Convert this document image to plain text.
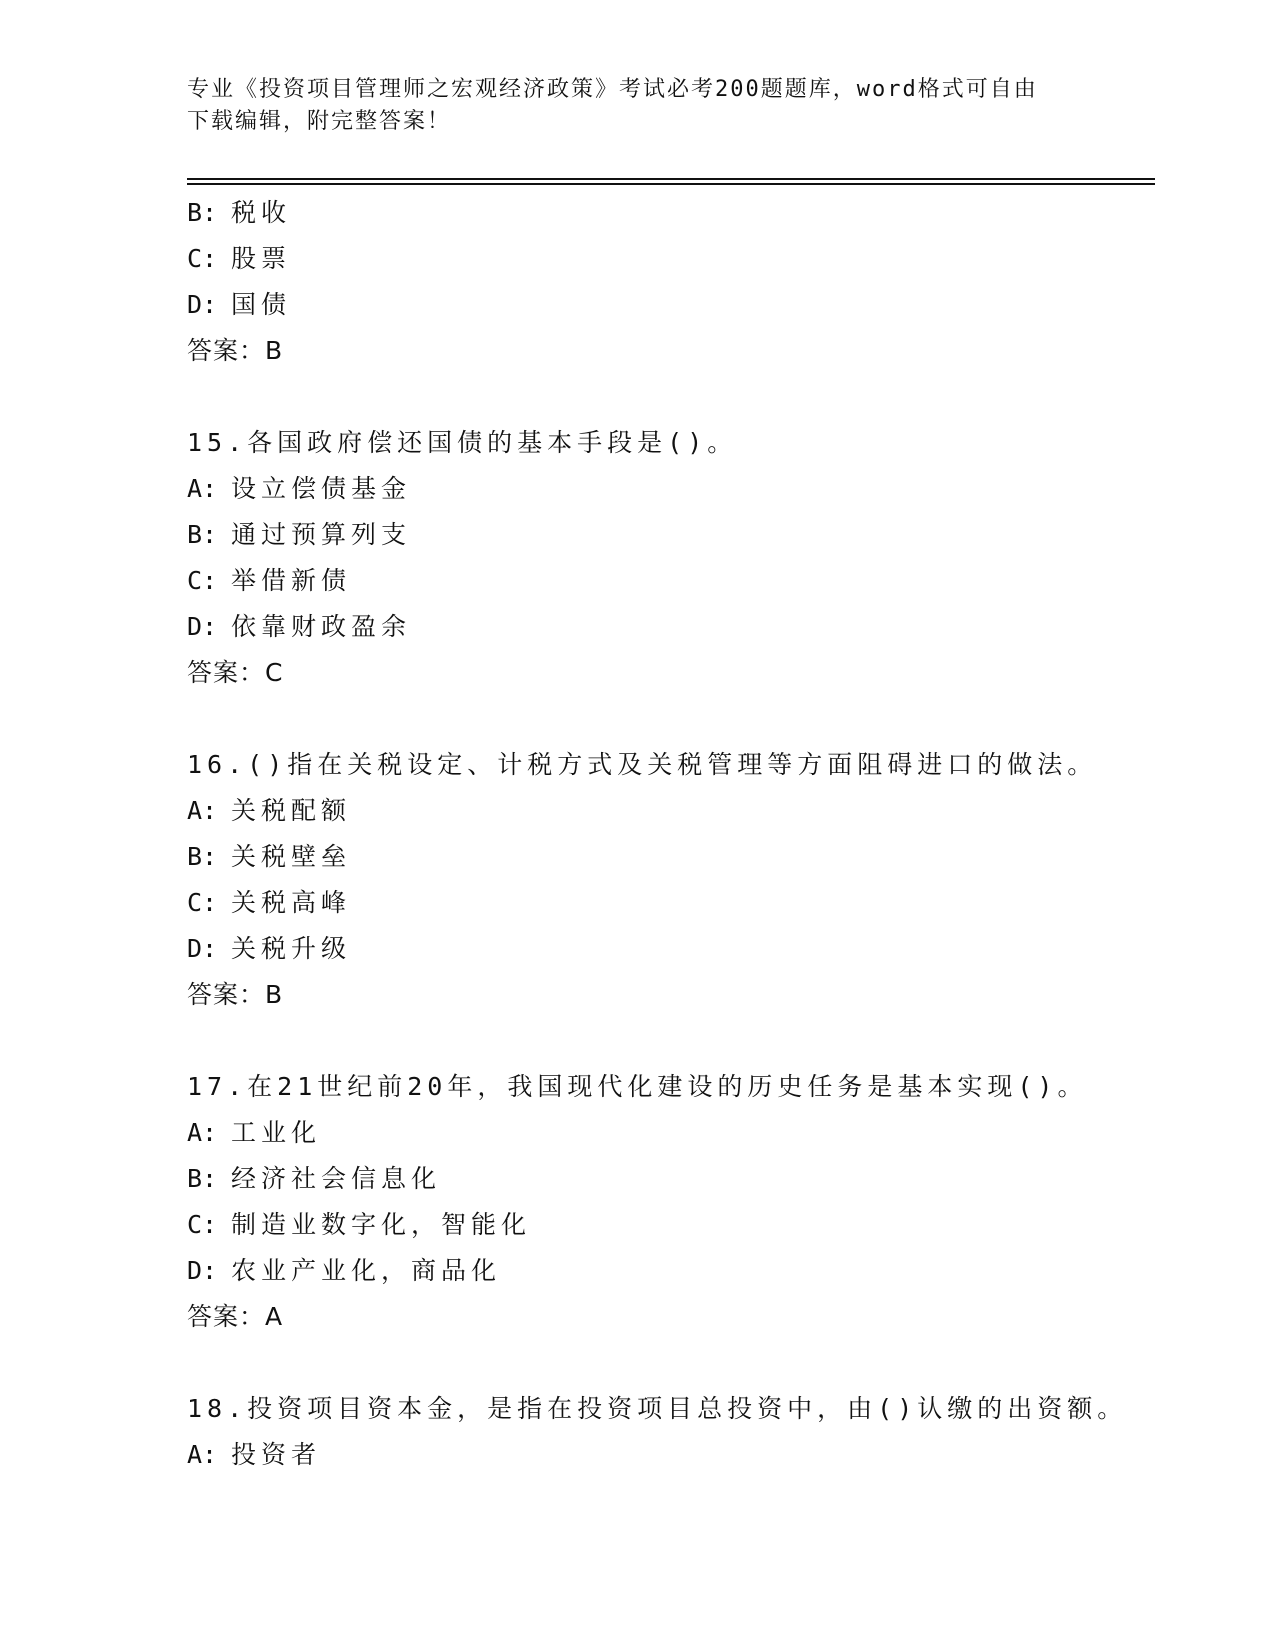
专业《投资项目管理师之宏观经济政策》考试必考200题题库，word格式可自由
下载编辑，附完整答案！
B: 税收
C: 股票
D: 国债
答案：B
15.各国政府偿还国债的基本手段是()。
A: 设立偿债基金
B: 通过预算列支
C: 举借新债
D: 依靠财政盈余
答案：C
16.()指在关税设定、计税方式及关税管理等方面阻碍进口的做法。
A: 关税配额
B: 关税壁垒
C: 关税高峰
D: 关税升级
答案：B
17.在21世纪前20年，我国现代化建设的历史任务是基本实现()。
A: 工业化
B: 经济社会信息化
C: 制造业数字化，智能化
D: 农业产业化，商品化
答案：A
18.投资项目资本金，是指在投资项目总投资中，由()认缴的出资额。
A: 投资者
